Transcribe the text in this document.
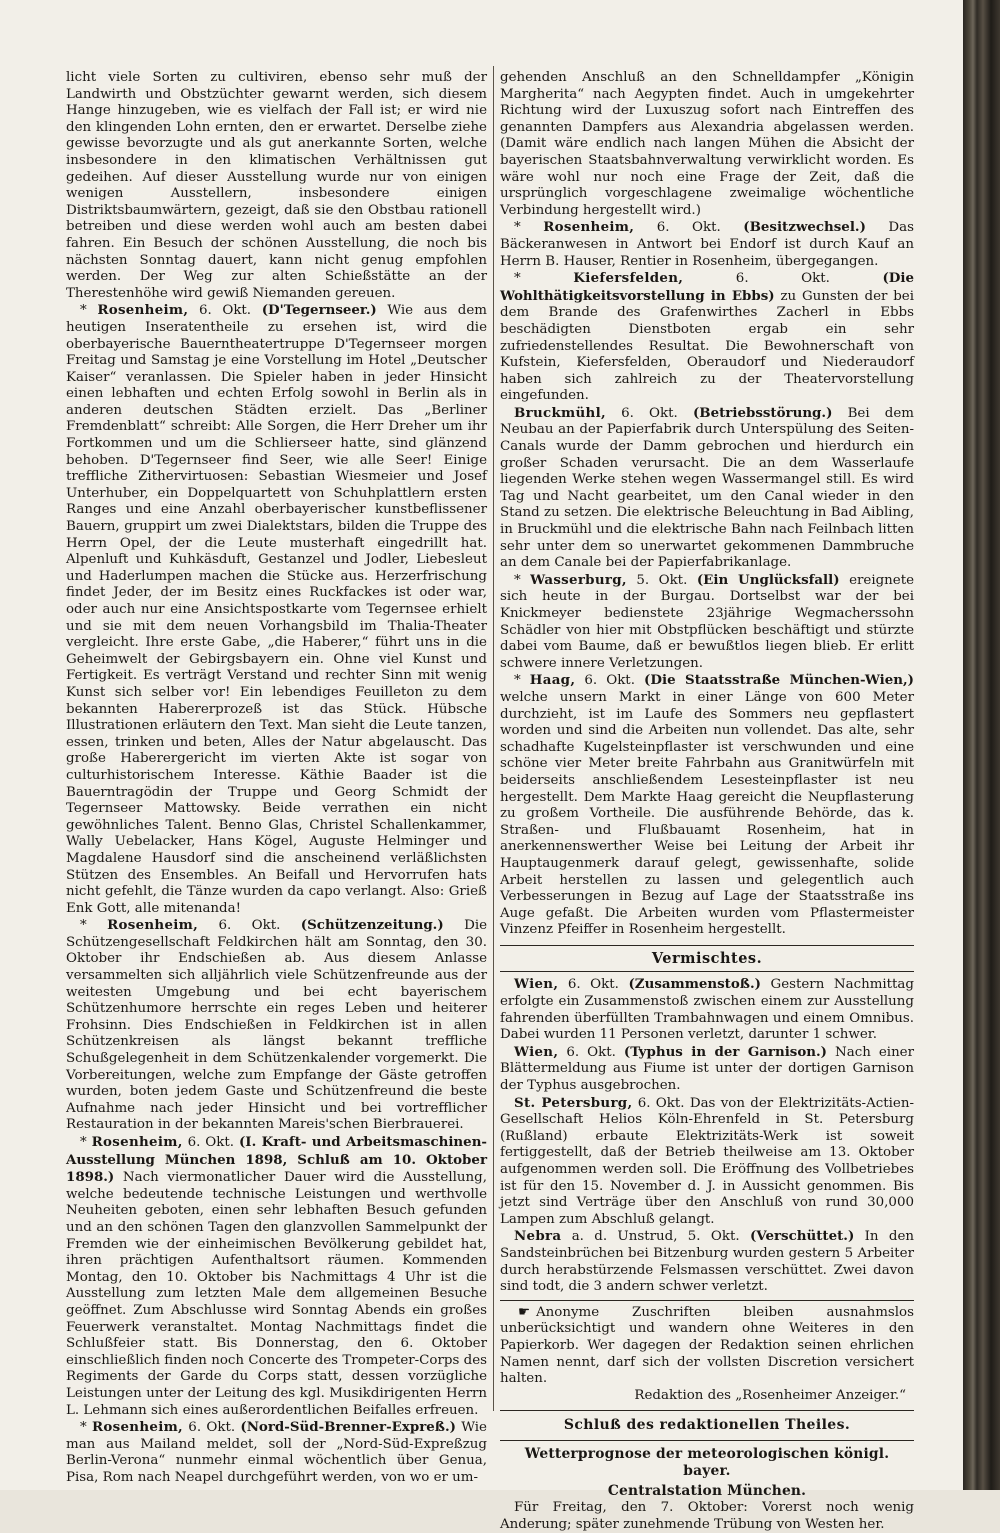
licht viele Sorten zu cultiviren, ebenso sehr muß der Landwirth und Obstzüchter gewarnt werden, sich diesem Hange hinzugeben, wie es vielfach der Fall ist; er wird nie den klingenden Lohn ernten, den er erwartet. Derselbe ziehe gewisse bevorzugte und als gut anerkannte Sorten, welche insbesondere in den klimatischen Verhältnissen gut gedeihen. Auf dieser Ausstellung wurde nur von einigen wenigen Ausstellern, insbesondere einigen Distriktsbaumwärtern, gezeigt, daß sie den Obstbau rationell betreiben und diese werden wohl auch am besten dabei fahren. Ein Besuch der schönen Ausstellung, die noch bis nächsten Sonntag dauert, kann nicht genug empfohlen werden. Der Weg zur alten Schießstätte an der Therestenhöhe wird gewiß Niemanden gereuen.

* Rosenheim, 6. Okt. (D'Tegernseer.) Wie aus dem heutigen Inseratentheile zu ersehen ist, wird die oberbayerische Bauerntheatertruppe D'Tegernseer morgen Freitag und Samstag je eine Vorstellung im Hotel „Deutscher Kaiser“ veranlassen. Die Spieler haben in jeder Hinsicht einen lebhaften und echten Erfolg sowohl in Berlin als in anderen deutschen Städten erzielt. Das „Berliner Fremdenblatt“ schreibt: Alle Sorgen, die Herr Dreher um ihr Fortkommen und um die Schlierseer hatte, sind glänzend behoben. D'Tegernseer find Seer, wie alle Seer! Einige treffliche Zithervirtuosen: Sebastian Wiesmeier und Josef Unterhuber, ein Doppelquartett von Schuhplattlern ersten Ranges und eine Anzahl oberbayerischer kunstbeflissener Bauern, gruppirt um zwei Dialektstars, bilden die Truppe des Herrn Opel, der die Leute musterhaft eingedrillt hat. Alpenluft und Kuhkäsduft, Gestanzel und Jodler, Liebesleut und Haderlumpen machen die Stücke aus. Herzerfrischung findet Jeder, der im Besitz eines Ruckfackes ist oder war, oder auch nur eine Ansichtspostkarte vom Tegernsee erhielt und sie mit dem neuen Vorhangsbild im Thalia-Theater vergleicht. Ihre erste Gabe, „die Haberer,“ führt uns in die Geheimwelt der Gebirgsbayern ein. Ohne viel Kunst und Fertigkeit. Es verträgt Verstand und rechter Sinn mit wenig Kunst sich selber vor! Ein lebendiges Feuilleton zu dem bekannten Habererprozeß ist das Stück. Hübsche Illustrationen erläutern den Text. Man sieht die Leute tanzen, essen, trinken und beten, Alles der Natur abgelauscht. Das große Haberergericht im vierten Akte ist sogar von culturhistorischem Interesse. Käthie Baader ist die Bauerntragödin der Truppe und Georg Schmidt der Tegernseer Mattowsky. Beide verrathen ein nicht gewöhnliches Talent. Benno Glas, Christel Schallenkammer, Wally Uebelacker, Hans Kögel, Auguste Helminger und Magdalene Hausdorf sind die anscheinend verläßlichsten Stützen des Ensembles. An Beifall und Hervorrufen hats nicht gefehlt, die Tänze wurden da capo verlangt. Also: Grieß Enk Gott, alle mitenanda!

* Rosenheim, 6. Okt. (Schützenzeitung.) Die Schützengesellschaft Feldkirchen hält am Sonntag, den 30. Oktober ihr Endschießen ab. Aus diesem Anlasse versammelten sich alljährlich viele Schützenfreunde aus der weitesten Umgebung und bei echt bayerischem Schützenhumore herrschte ein reges Leben und heiterer Frohsinn. Dies Endschießen in Feldkirchen ist in allen Schützenkreisen als längst bekannt treffliche Schußgelegenheit in dem Schützenkalender vorgemerkt. Die Vorbereitungen, welche zum Empfange der Gäste getroffen wurden, boten jedem Gaste und Schützenfreund die beste Aufnahme nach jeder Hinsicht und bei vortrefflicher Restauration in der bekannten Mareis'schen Bierbrauerei.

* Rosenheim, 6. Okt. (I. Kraft- und Arbeitsmaschinen-Ausstellung München 1898, Schluß am 10. Oktober 1898.) Nach viermonatlicher Dauer wird die Ausstellung, welche bedeutende technische Leistungen und werthvolle Neuheiten geboten, einen sehr lebhaften Besuch gefunden und an den schönen Tagen den glanzvollen Sammelpunkt der Fremden wie der einheimischen Bevölkerung gebildet hat, ihren prächtigen Aufenthaltsort räumen. Kommenden Montag, den 10. Oktober bis Nachmittags 4 Uhr ist die Ausstellung zum letzten Male dem allgemeinen Besuche geöffnet. Zum Abschlusse wird Sonntag Abends ein großes Feuerwerk veranstaltet. Montag Nachmittags findet die Schlußfeier statt. Bis Donnerstag, den 6. Oktober einschließlich finden noch Concerte des Trompeter-Corps des Regiments der Garde du Corps statt, dessen vorzügliche Leistungen unter der Leitung des kgl. Musikdirigenten Herrn L. Lehmann sich eines außerordentlichen Beifalles erfreuen.

* Rosenheim, 6. Okt. (Nord-Süd-Brenner-Expreß.) Wie man aus Mailand meldet, soll der „Nord-Süd-Expreßzug Berlin-Verona“ nunmehr einmal wöchentlich über Genua, Pisa, Rom nach Neapel durchgeführt werden, von wo er um-

gehenden Anschluß an den Schnelldampfer „Königin Margherita“ nach Aegypten findet. Auch in umgekehrter Richtung wird der Luxuszug sofort nach Eintreffen des genannten Dampfers aus Alexandria abgelassen werden. (Damit wäre endlich nach langen Mühen die Absicht der bayerischen Staatsbahnverwaltung verwirklicht worden. Es wäre wohl nur noch eine Frage der Zeit, daß die ursprünglich vorgeschlagene zweimalige wöchentliche Verbindung hergestellt wird.)

* Rosenheim, 6. Okt. (Besitzwechsel.) Das Bäckeranwesen in Antwort bei Endorf ist durch Kauf an Herrn B. Hauser, Rentier in Rosenheim, übergegangen.

* Kiefersfelden,	6. Okt.	(Die Wohlthätigkeitsvorstellung in Ebbs) zu Gunsten der bei dem Brande des Grafenwirthes Zacherl in Ebbs beschädigten Dienstboten ergab ein sehr zufriedenstellendes Resultat. Die Bewohnerschaft von Kufstein, Kiefersfelden, Oberaudorf und Niederaudorf haben sich zahlreich zu der Theatervorstellung eingefunden.

Bruckmühl, 6. Okt. (Betriebsstörung.) Bei dem Neubau an der Papierfabrik durch Unterspülung des Seiten-Canals wurde der Damm gebrochen und hierdurch ein großer Schaden verursacht. Die an dem Wasserlaufe liegenden Werke stehen wegen Wassermangel still. Es wird Tag und Nacht gearbeitet, um den Canal wieder in den Stand zu setzen. Die elektrische Beleuchtung in Bad Aibling, in Bruckmühl und die elektrische Bahn nach Feilnbach litten sehr unter dem so unerwartet gekommenen Dammbruche an dem Canale bei der Papierfabrikanlage.

* Wasserburg, 5. Okt. (Ein Unglücksfall) ereignete sich heute in der Burgau. Dortselbst war der bei Knickmeyer bedienstete 23jährige Wegmacherssohn Schädler von hier mit Obstpflücken beschäftigt und stürzte dabei vom Baume, daß er bewußtlos liegen blieb. Er erlitt schwere innere Verletzungen.

* Haag, 6. Okt. (Die Staatsstraße München-Wien,) welche unsern Markt in einer Länge von 600 Meter durchzieht, ist im Laufe des Sommers neu gepflastert worden und sind die Arbeiten nun vollendet. Das alte, sehr schadhafte Kugelsteinpflaster ist verschwunden und eine schöne vier Meter breite Fahrbahn aus Granitwürfeln mit beiderseits anschließendem Lesesteinpflaster ist neu hergestellt. Dem Markte Haag gereicht die Neupflasterung zu großem Vortheile. Die ausführende Behörde, das k. Straßen- und Flußbauamt Rosenheim, hat in anerkennenswerther Weise bei Leitung der Arbeit ihr Hauptaugenmerk darauf gelegt, gewissenhafte, solide Arbeit herstellen zu lassen und gelegentlich auch Verbesserungen in Bezug auf Lage der Staatsstraße ins Auge gefaßt. Die Arbeiten wurden vom Pflastermeister Vinzenz Pfeiffer in Rosenheim hergestellt.

Vermischtes.

Wien, 6. Okt. (Zusammenstoß.) Gestern Nachmittag erfolgte ein Zusammenstoß zwischen einem zur Ausstellung fahrenden überfüllten Trambahnwagen und einem Omnibus. Dabei wurden 11 Personen verletzt, darunter 1 schwer.

Wien, 6. Okt. (Typhus in der Garnison.) Nach einer Blättermeldung aus Fiume ist unter der dortigen Garnison der Typhus ausgebrochen.

St. Petersburg, 6. Okt. Das von der Elektrizitäts-Actien-Gesellschaft Helios Köln-Ehrenfeld in St. Petersburg (Rußland) erbaute Elektrizitäts-Werk ist soweit fertiggestellt, daß der Betrieb theilweise am 13. Oktober aufgenommen werden soll. Die Eröffnung des Vollbetriebes ist für den 15. November d. J. in Aussicht genommen. Bis jetzt sind Verträge über den Anschluß von rund 30,000 Lampen zum Abschluß gelangt.

Nebra a. d. Unstrud, 5. Okt. (Verschüttet.) In den Sandsteinbrüchen bei Bitzenburg wurden gestern 5 Arbeiter durch herabstürzende Felsmassen verschüttet. Zwei davon sind todt, die 3 andern schwer verletzt.

☛ Anonyme Zuschriften bleiben ausnahmslos unberücksichtigt und wandern ohne Weiteres in den Papierkorb. Wer dagegen der Redaktion seinen ehrlichen Namen nennt, darf sich der vollsten Discretion versichert halten.

Redaktion des „Rosenheimer Anzeiger.“

Schluß des redaktionellen Theiles.
Wetterprognose der meteorologischen königl. bayer.
Centralstation München.

Für Freitag, den 7. Oktober: Vorerst noch wenig Anderung; später zunehmende Trübung von Westen her.
